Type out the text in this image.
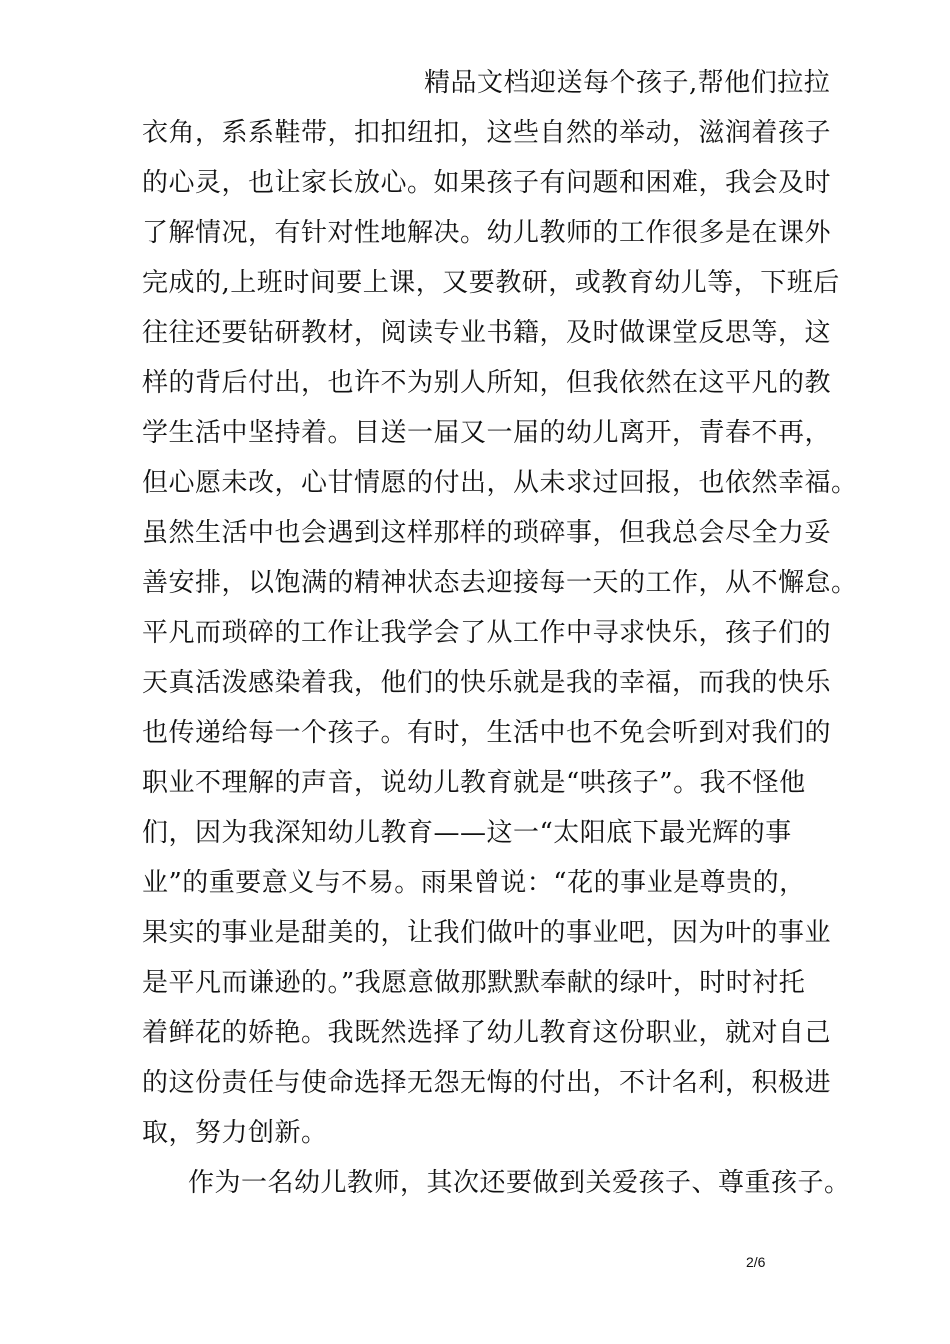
精品文档迎送每个孩子,帮他们拉拉
衣角，系系鞋带，扣扣纽扣，这些自然的举动，滋润着孩子
的心灵，也让家长放心。如果孩子有问题和困难，我会及时
了解情况，有针对性地解决。幼儿教师的工作很多是在课外
完成的,上班时间要上课，又要教研，或教育幼儿等，下班后
往往还要钻研教材，阅读专业书籍，及时做课堂反思等，这
样的背后付出，也许不为别人所知，但我依然在这平凡的教
学生活中坚持着。目送一届又一届的幼儿离开，青春不再，
但心愿未改，心甘情愿的付出，从未求过回报，也依然幸福。
虽然生活中也会遇到这样那样的琐碎事，但我总会尽全力妥
善安排，以饱满的精神状态去迎接每一天的工作，从不懈怠。
平凡而琐碎的工作让我学会了从工作中寻求快乐，孩子们的
天真活泼感染着我，他们的快乐就是我的幸福，而我的快乐
也传递给每一个孩子。有时，生活中也不免会听到对我们的
职业不理解的声音，说幼儿教育就是“哄孩子”。我不怪他
们，因为我深知幼儿教育——这一“太阳底下最光辉的事
业”的重要意义与不易。雨果曾说：“花的事业是尊贵的，
果实的事业是甜美的，让我们做叶的事业吧，因为叶的事业
是平凡而谦逊的。”我愿意做那默默奉献的绿叶，时时衬托
着鲜花的娇艳。我既然选择了幼儿教育这份职业，就对自己
的这份责任与使命选择无怨无悔的付出，不计名利，积极进
取，努力创新。
作为一名幼儿教师，其次还要做到关爱孩子、尊重孩子。
2/6
